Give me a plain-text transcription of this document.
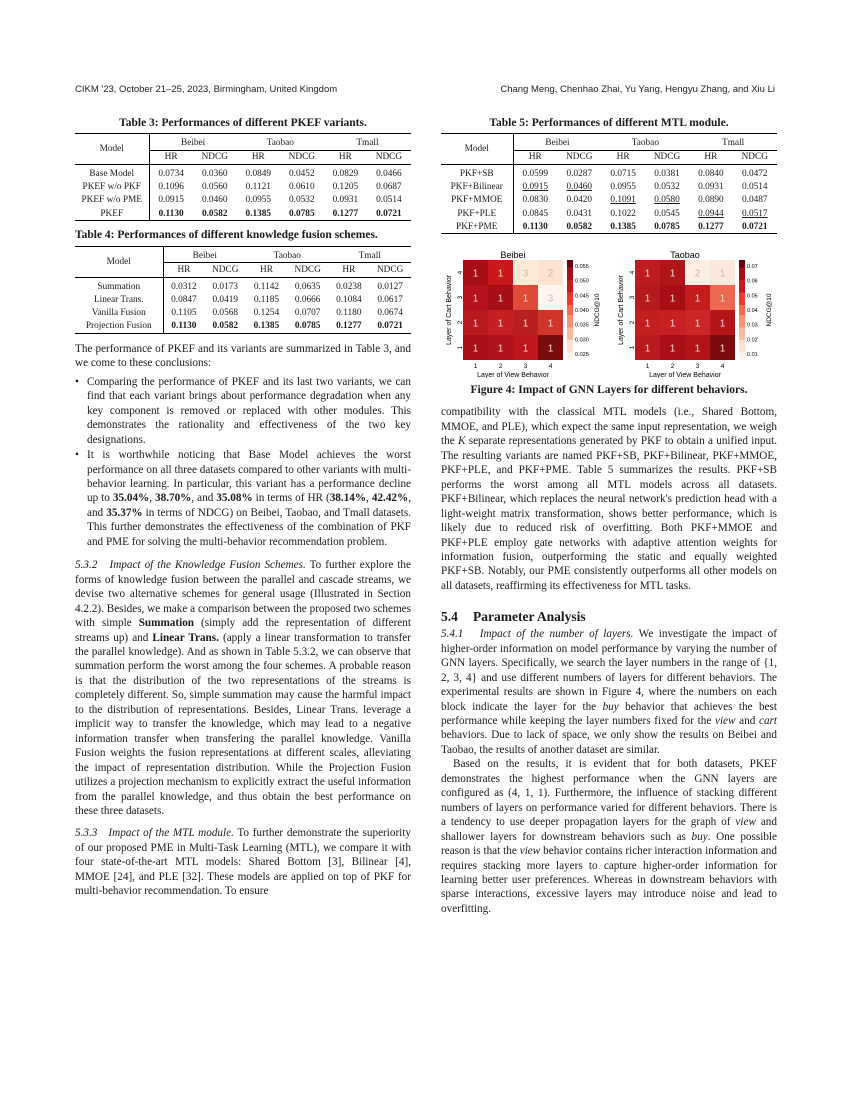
CIKM '23, October 21–25, 2023, Birmingham, United Kingdom	Chang Meng, Chenhao Zhai, Yu Yang, Hengyu Zhang, and Xiu Li
Table 3: Performances of different PKEF variants.
Model	Beibei		Taobao		Tmall	
	HR	NDCG	HR	NDCG	HR	NDCG
Base Model	0.0734	0.0360	0.0849	0.0452	0.0829	0.0466
PKEF w/o PKF	0.1096	0.0560	0.1121	0.0610	0.1205	0.0687
PKEF w/o PME	0.0915	0.0460	0.0955	0.0532	0.0931	0.0514
PKEF	0.1130	0.0582	0.1385	0.0785	0.1277	0.0721
Table 4: Performances of different knowledge fusion schemes.
Model	Beibei		Taobao		Tmall	
	HR	NDCG	HR	NDCG	HR	NDCG
Summation	0.0312	0.0173	0.1142	0.0635	0.0238	0.0127
Linear Trans.	0.0847	0.0419	0.1185	0.0666	0.1084	0.0617
Vanilla Fusion	0.1105	0.0568	0.1254	0.0707	0.1180	0.0674
Projection Fusion	0.1130	0.0582	0.1385	0.0785	0.1277	0.0721

The performance of PKEF and its variants are summarized in Table 3, and we come to these conclusions:

• Comparing the performance of PKEF and its last two variants, we can find that each variant brings about performance degradation when any key component is removed or replaced with other modules. This demonstrates the rationality and effectiveness of the two key designations.
• It is worthwhile noticing that Base Model achieves the worst performance on all three datasets compared to other variants with multi-behavior learning. In particular, this variant has a performance decline up to 35.04%, 38.70%, and 35.08% in terms of HR (38.14%, 42.42%, and 35.37% in terms of NDCG) on Beibei, Taobao, and Tmall datasets. This further demonstrates the effectiveness of the combination of PKF and PME for solving the multi-behavior recommendation problem.

5.3.2 Impact of the Knowledge Fusion Schemes. To further explore the forms of knowledge fusion between the parallel and cascade streams, we devise two alternative schemes for general usage (Illustrated in Section 4.2.2). Besides, we make a comparison between the proposed two schemes with simple Summation (simply add the representation of different streams up) and Linear Trans. (apply a linear transformation to transfer the parallel knowledge). And as shown in Table 5.3.2, we can observe that summation perform the worst among the four schemes. A probable reason is that the distribution of the two representations of the streams is completely different. So, simple summation may cause the harmful impact to the distribution of representations. Besides, Linear Trans. leverage a implicit way to transfer the knowledge, which may lead to a negative information transfer when transfering the parallel knowledge. Vanilla Fusion weights the fusion representations at different scales, alleviating the impact of representation distribution. While the Projection Fusion utilizes a projection mechanism to explicitly extract the useful information from the parallel knowledge, and thus obtain the best performance on these three datasets.

5.3.3 Impact of the MTL module. To further demonstrate the superiority of our proposed PME in Multi-Task Learning (MTL), we compare it with four state-of-the-art MTL models: Shared Bottom [3], Bilinear [4], MMOE [24], and PLE [32]. These models are applied on top of PKF for multi-behavior recommendation. To ensure

Table 5: Performances of different MTL module.
Model	Beibei		Taobao		Tmall	
	HR	NDCG	HR	NDCG	HR	NDCG
PKF+SB	0.0599	0.0287	0.0715	0.0381	0.0840	0.0472
PKF+Bilinear	0.0915	0.0460	0.0955	0.0532	0.0931	0.0514
PKF+MMOE	0.0830	0.0420	0.1091	0.0580	0.0890	0.0487
PKF+PLE	0.0845	0.0431	0.1022	0.0545	0.0944	0.0517
PKF+PME	0.1130	0.0582	0.1385	0.0785	0.1277	0.0721
Beibei
1 1 3 2
1 1 1 3
1 1 1 1
1 1 1 1
4
3
2
1
1	2	3	4
Layer of View Behavior
Layer of Cart Behavior
0.055
0.050
0.045
0.040
0.035
0.030
0.025
NDCG@10
Taobao
1 1 2 1
1 1 1 1
1 1 1 1
1 1 1 1
4
3
2
1
1	2	3	4
Layer of View Behavior
Layer of Cart Behavior
0.07
0.06
0.05
0.04
0.03
0.02
0.01
NDCG@10
Figure 4: Impact of GNN Layers for different behaviors.

compatibility with the classical MTL models (i.e., Shared Bottom, MMOE, and PLE), which expect the same input representation, we weigh the K separate representations generated by PKF to obtain a unified input. The resulting variants are named PKF+SB, PKF+Bilinear, PKF+MMOE, PKF+PLE, and PKF+PME. Table 5 summarizes the results. PKF+SB performs the worst among all MTL models across all datasets. PKF+Bilinear, which replaces the neural network's prediction head with a light-weight matrix transformation, shows better performance, which is likely due to reduced risk of overfitting. Both PKF+MMOE and PKF+PLE employ gate networks with adaptive attention weights for information fusion, outperforming the static and equally weighted PKF+SB. Notably, our PME consistently outperforms all other models on all datasets, reaffirming its effectiveness for MTL tasks.

5.4 Parameter Analysis

5.4.1 Impact of the number of layers. We investigate the impact of higher-order information on model performance by varying the number of GNN layers. Specifically, we search the layer numbers in the range of {1, 2, 3, 4} and use different numbers of layers for different behaviors. The experimental results are shown in Figure 4, where the numbers on each block indicate the layer for the buy behavior that achieves the best performance while keeping the layer numbers fixed for the view and cart behaviors. Due to lack of space, we only show the results on Beibei and Taobao, the results of another dataset are similar.

Based on the results, it is evident that for both datasets, PKEF demonstrates the highest performance when the GNN layers are configured as (4, 1, 1). Furthermore, the influence of stacking different numbers of layers on performance varied for different behaviors. There is a tendency to use deeper propagation layers for the graph of view and shallower layers for downstream behaviors such as buy. One possible reason is that the view behavior contains richer interaction information and requires stacking more layers to capture higher-order information for learning better user preferences. Whereas in downstream behaviors with sparse interactions, excessive layers may introduce noise and lead to overfitting.
